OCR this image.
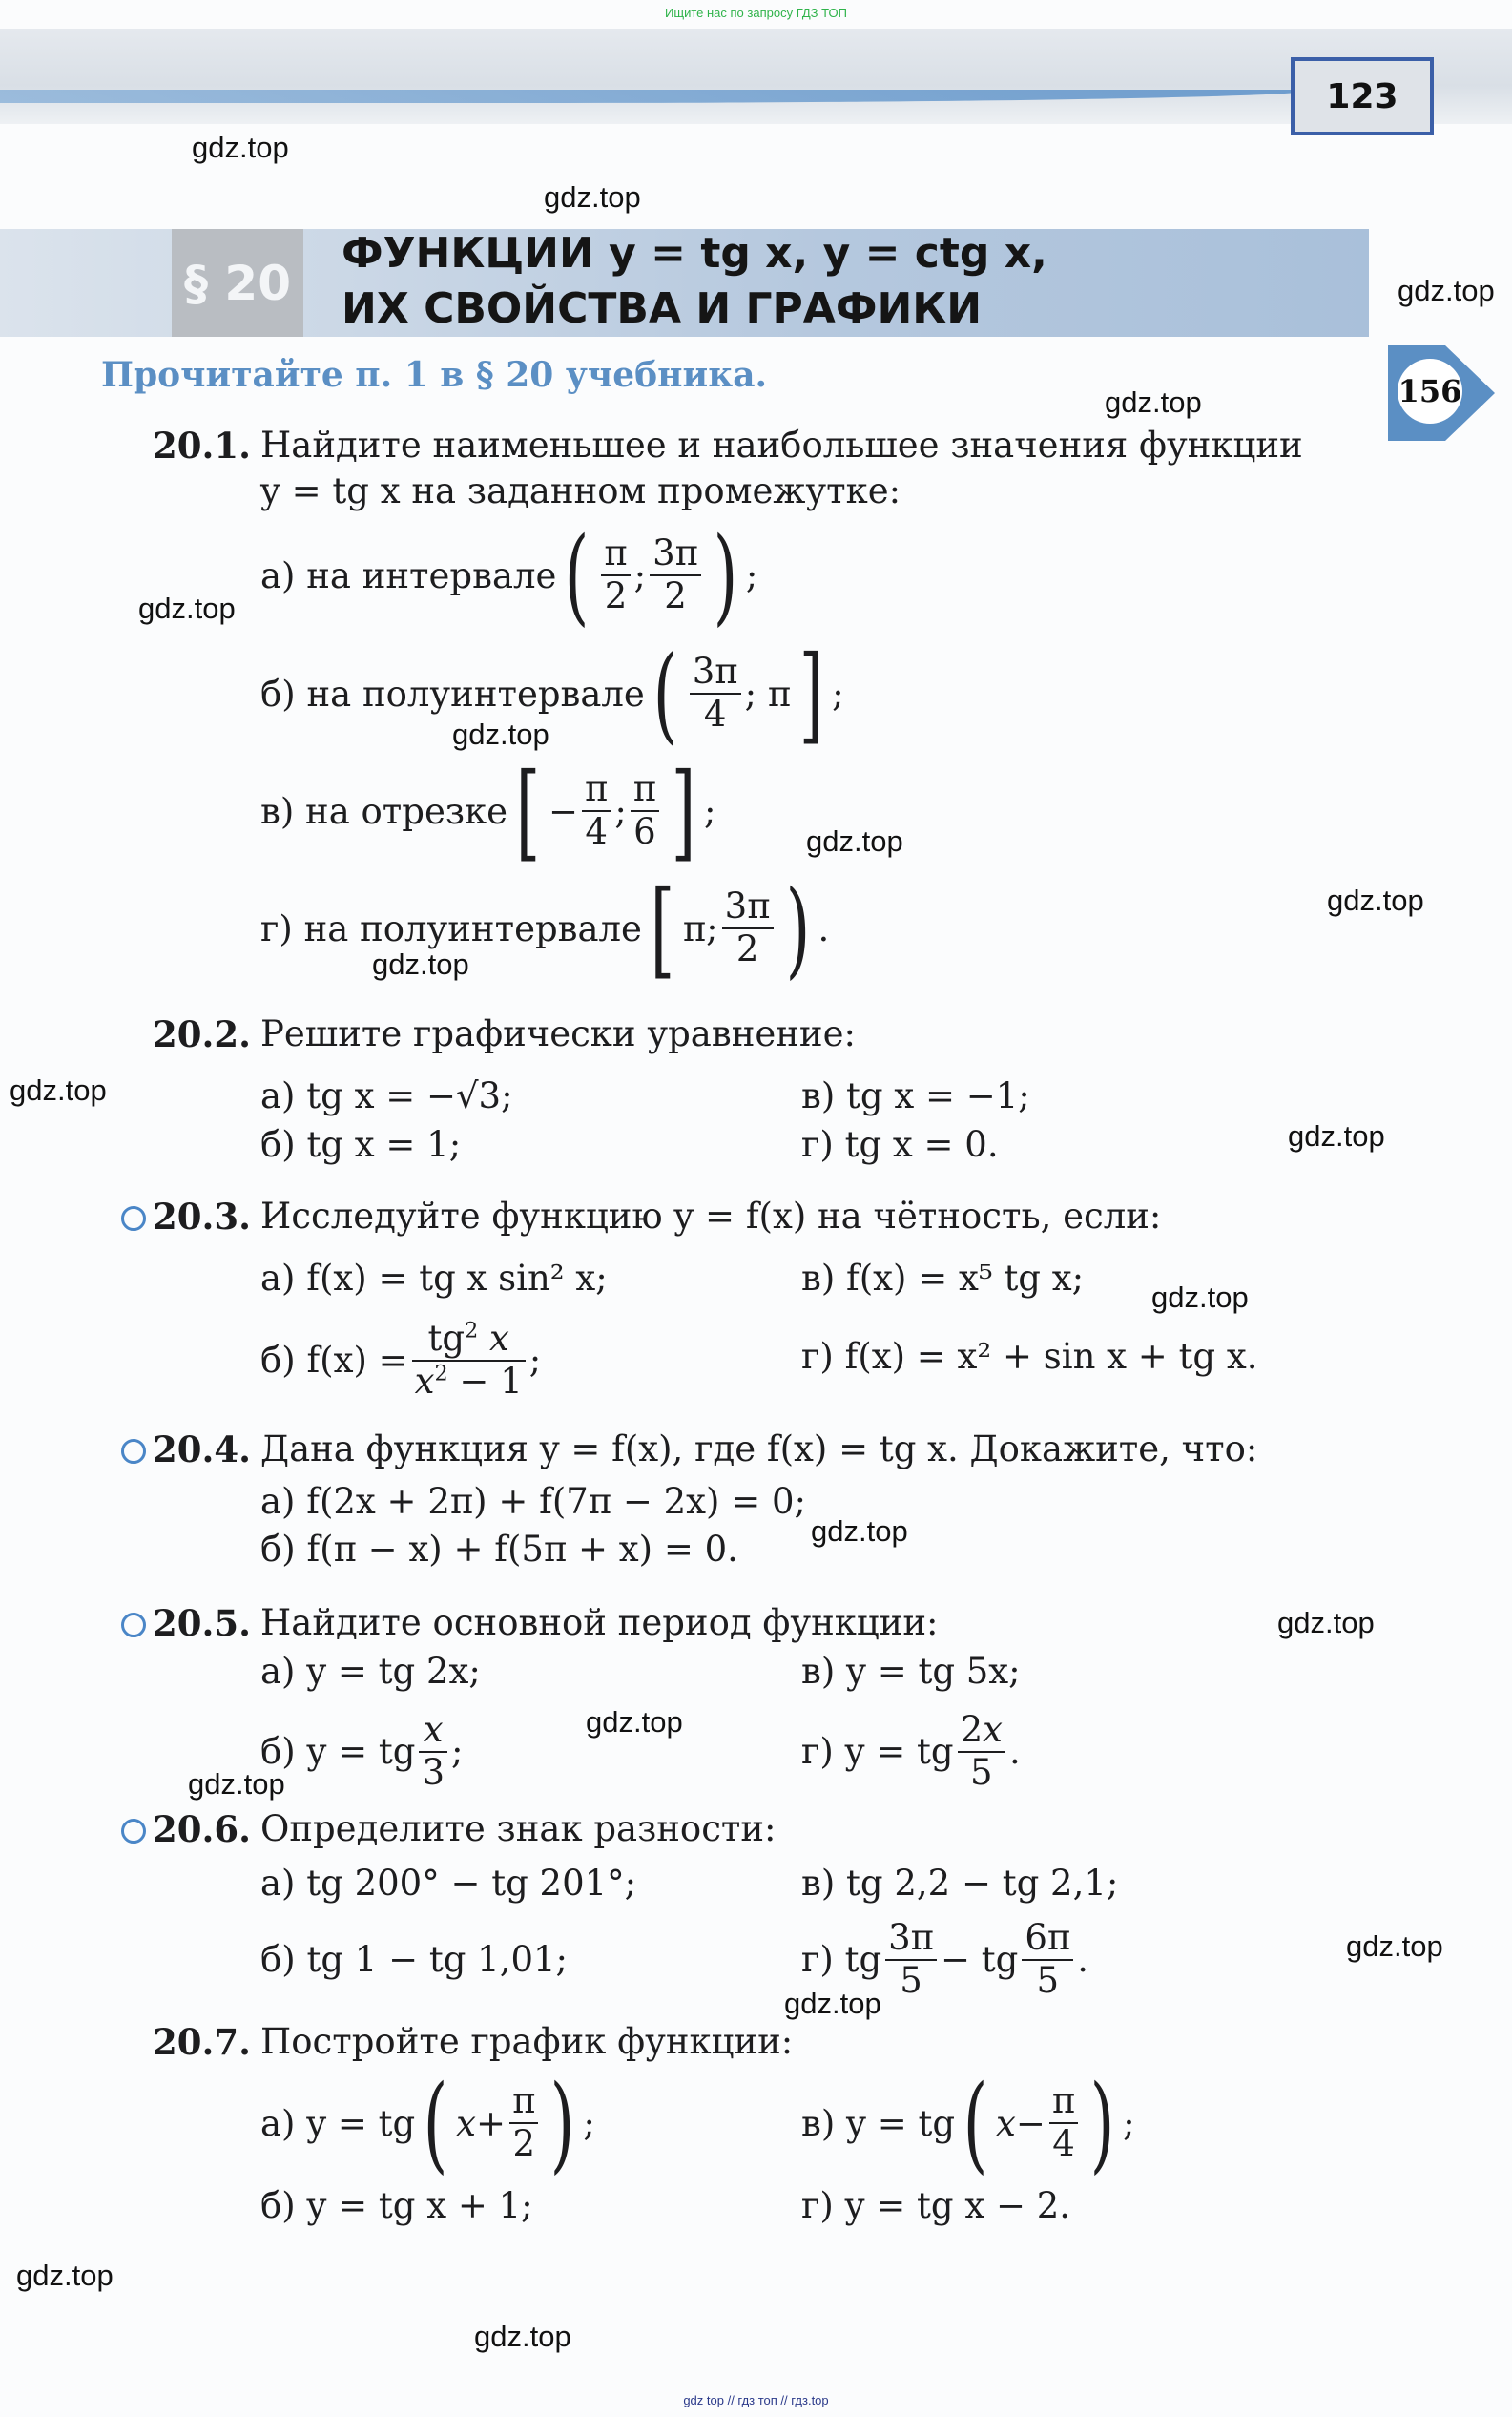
Ищите нас по запросу ГДЗ ТОП
123
§ 20
ФУНКЦИИ y = tg x, y = ctg x,
ИХ СВОЙСТВА И ГРАФИКИ
Прочитайте п. 1 в § 20 учебника.	156
20.1. Найдите наименьшее и наибольшее значения функции
y = tg x на заданном промежутке:
а) на интервале ( $\frac{\pi}{2}$ ; $\frac{3\pi}{2}$ ) ;
б) на полуинтервале ( $\frac{3\pi}{4}$ ; π ] ;
в) на отрезке [ − $\frac{\pi}{4}$ ; $\frac{\pi}{6}$ ] ;
г) на полуинтервале [ π; $\frac{3\pi}{2}$ ) .
20.2. Решите графически уравнение:
а) tg x = −√3;
б) tg x = 1;
в) tg x = −1;
г) tg x = 0.
20.3. Исследуйте функцию y = f(x) на чётность, если:
а) f(x) = tg x sin² x;
б) $f(x) = \frac{tg^2 x}{x^2 - 1}$ ;
в) f(x) = x⁵ tg x;
г) f(x) = x² + sin x + tg x.
20.4. Дана функция y = f(x), где f(x) = tg x. Докажите, что:
а) f(2x + 2π) + f(7π − 2x) = 0;
б) f(π − x) + f(5π + x) = 0.
20.5. Найдите основной период функции:
а) y = tg 2x;
б) y = tg $\frac{x}{3}$ ;
в) y = tg 5x;
г) y = tg $\frac{2x}{5}$ .
20.6. Определите знак разности:
а) tg 200° − tg 201°;
б) tg 1 − tg 1,01;
в) tg 2,2 − tg 2,1;
г) tg $\frac{3\pi}{5}$ − tg $\frac{6\pi}{5}$ .
20.7. Постройте график функции:
а) y = tg ( $x + \frac{\pi}{2}$ ) ;
б) y = tg x + 1;
в) y = tg ( $x - \frac{\pi}{4}$ ) ;
г) y = tg x − 2.
gdz.top
gdz.top
gdz.top
gdz.top
gdz.top
gdz.top
gdz.top
gdz.top
gdz.top
gdz.top
gdz.top
gdz.top
gdz.top
gdz.top
gdz.top
gdz.top
gdz.top
gdz.top
gdz.top
gdz.top
gdz top // гдз топ // гдз.top
